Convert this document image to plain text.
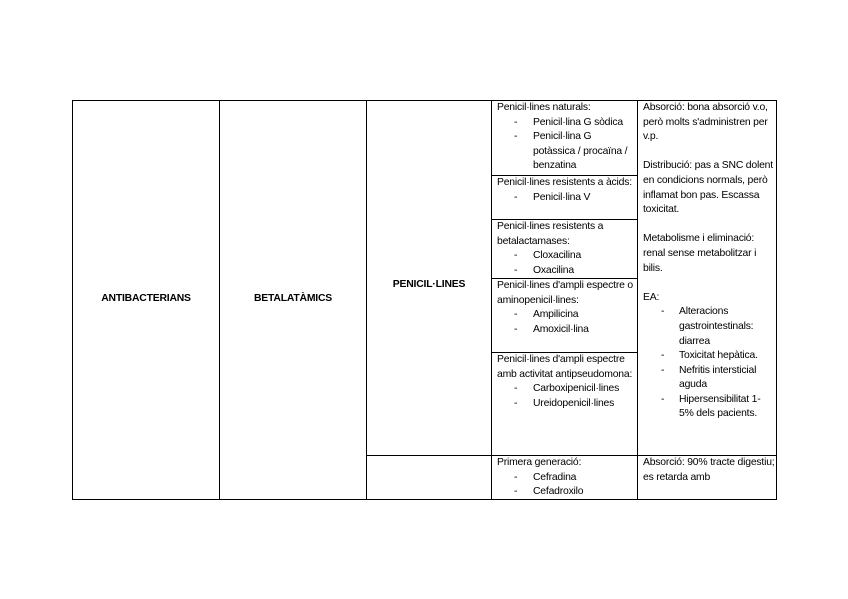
ANTIBACTERIANS	BETALATÀMICS
PENICIL·LINES
Penicil·lines naturals:
- Penicil·lina G sòdica
- Penicil·lina G potàssica / procaïna / benzatina
Penicil·lines resistents a àcids:
- Penicil·lina V
Penicil·lines resistents a betalactamases:
- Cloxacilina
- Oxacilina
Penicil·lines d'ampli espectre o aminopenicil·lines:
- Ampilicina
- Amoxicil·lina
Penicil·lines d'ampli espectre amb activitat antipseudomona:
- Carboxipenicil·lines
- Ureidopenicil·lines
Absorció: bona absorció v.o, però molts s'administren per v.p.
Distribució: pas a SNC dolent en condicions normals, però inflamat bon pas. Escassa toxicitat.
Metabolisme i eliminació: renal sense metabolitzar i bilis.
EA:
- Alteracions gastrointestinals: diarrea
- Toxicitat hepàtica.
- Nefritis intersticial aguda
- Hipersensibilitat 1-5% dels pacients.
Primera generació:
- Cefradina
- Cefadroxilo
Absorció: 90% tracte digestiu; es retarda amb
